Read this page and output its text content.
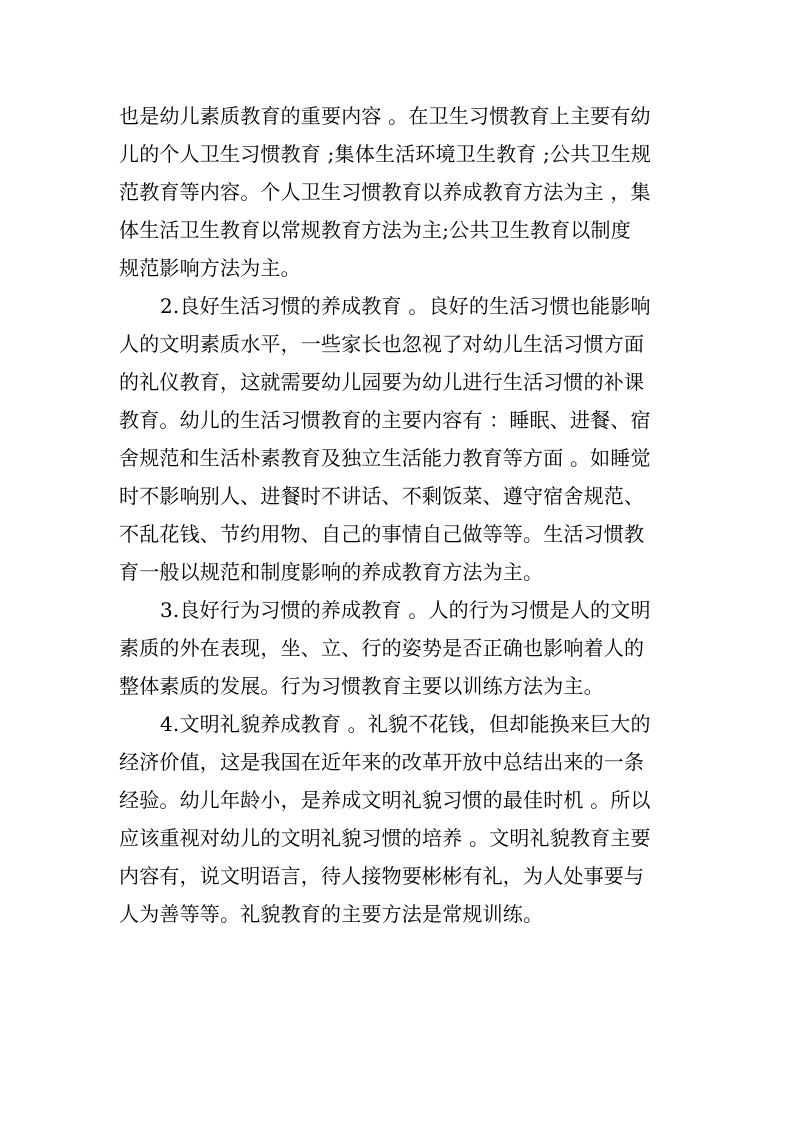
也是幼儿素质教育的重要内容 。在卫生习惯教育上主要有幼
儿的个人卫生习惯教育 ;集体生活环境卫生教育 ;公共卫生规
范教育等内容。个人卫生习惯教育以养成教育方法为主 ，集
体生活卫生教育以常规教育方法为主;公共卫生教育以制度
规范影响方法为主。
2.良好生活习惯的养成教育 。良好的生活习惯也能影响
人的文明素质水平，一些家长也忽视了对幼儿生活习惯方面
的礼仪教育，这就需要幼儿园要为幼儿进行生活习惯的补课
教育。幼儿的生活习惯教育的主要内容有 ：睡眠、进餐、宿
舍规范和生活朴素教育及独立生活能力教育等方面 。如睡觉
时不影响别人、进餐时不讲话、不剩饭菜、遵守宿舍规范、
不乱花钱、节约用物、自己的事情自己做等等。生活习惯教
育一般以规范和制度影响的养成教育方法为主。
3.良好行为习惯的养成教育 。人的行为习惯是人的文明
素质的外在表现，坐、立、行的姿势是否正确也影响着人的
整体素质的发展。行为习惯教育主要以训练方法为主。
4.文明礼貌养成教育 。礼貌不花钱，但却能换来巨大的
经济价值，这是我国在近年来的改革开放中总结出来的一条
经验。幼儿年龄小，是养成文明礼貌习惯的最佳时机 。所以
应该重视对幼儿的文明礼貌习惯的培养 。文明礼貌教育主要
内容有，说文明语言，待人接物要彬彬有礼，为人处事要与
人为善等等。礼貌教育的主要方法是常规训练。
